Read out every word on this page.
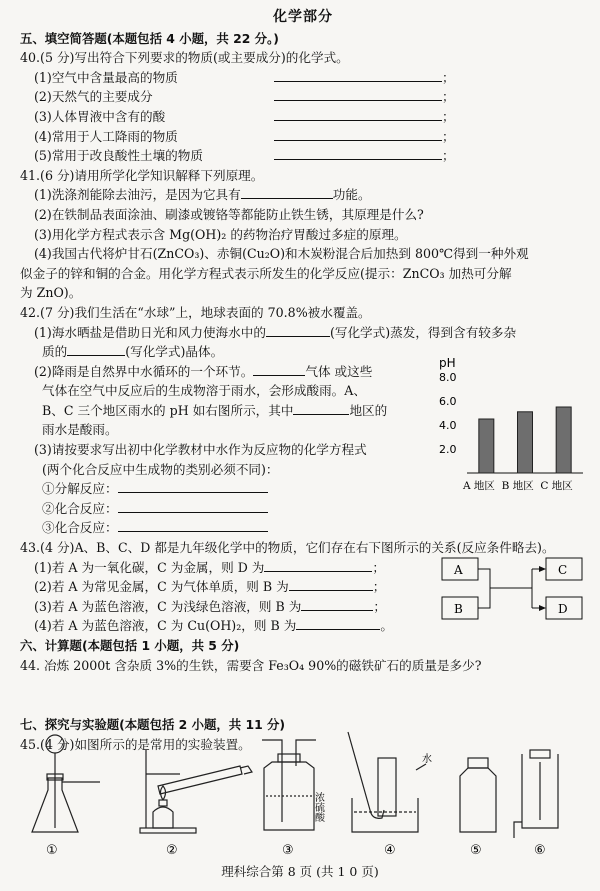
化学部分
五、填空简答题(本题包括 4 小题，共 22 分。)
40.(5 分)写出符合下列要求的物质(或主要成分)的化学式。
(1)空气中含量最高的物质	；
(2)天然气的主要成分	；
(3)人体胃液中含有的酸	；
(4)常用于人工降雨的物质	；
(5)常用于改良酸性土壤的物质	；
41.(6 分)请用所学化学知识解释下列原理。
(1)洗涤剂能除去油污，是因为它具有	功能。
(2)在铁制品表面涂油、刷漆或镀铬等都能防止铁生锈，其原理是什么?
(3)用化学方程式表示含 Mg(OH)₂ 的药物治疗胃酸过多症的原理。
(4)我国古代将炉甘石(ZnCO₃)、赤铜(Cu₂O)和木炭粉混合后加热到 800℃得到一种外观
似金子的锌和铜的合金。用化学方程式表示所发生的化学反应(提示：ZnCO₃ 加热可分解
为 ZnO)。
42.(7 分)我们生活在“水球”上，地球表面的 70.8%被水覆盖。
(1)海水晒盐是借助日光和风力使海水中的	(写化学式)蒸发，得到含有较多杂
质的	(写化学式)晶体。
(2)降雨是自然界中水循环的一个环节。	气体 或这些
气体在空气中反应后的生成物溶于雨水，会形成酸雨。A、
B、C 三个地区雨水的 pH 如右图所示，其中	地区的
雨水是酸雨。
(3)请按要求写出初中化学教材中水作为反应物的化学方程式
(两个化合反应中生成物的类别必须不同)：
①分解反应：
②化合反应：
③化合反应：
43.(4 分)A、B、C、D 都是九年级化学中的物质，它们存在右下图所示的关系(反应条件略去)。
(1)若 A 为一氧化碳，C 为金属，则 D 为	；
(2)若 A 为常见金属，C 为气体单质，则 B 为	；
(3)若 A 为蓝色溶液，C 为浅绿色溶液，则 B 为	；
(4)若 A 为蓝色溶液，C 为 Cu(OH)₂，则 B 为	。
六、计算题(本题包括 1 小题，共 5 分)
44. 冶炼 2000t 含杂质 3%的生铁，需要含 Fe₃O₄ 90%的磁铁矿石的质量是多少?
七、探究与实验题(本题包括 2 小题，共 11 分)
45.(4 分)如图所示的是常用的实验装置。
pH
8.0
6.0
4.0
2.0
A 地区 B 地区 C 地区
A
B
C
D
浓硫酸
水
①	②	③	④	⑤	⑥
理科综合第 8 页 (共 1 0 页)
